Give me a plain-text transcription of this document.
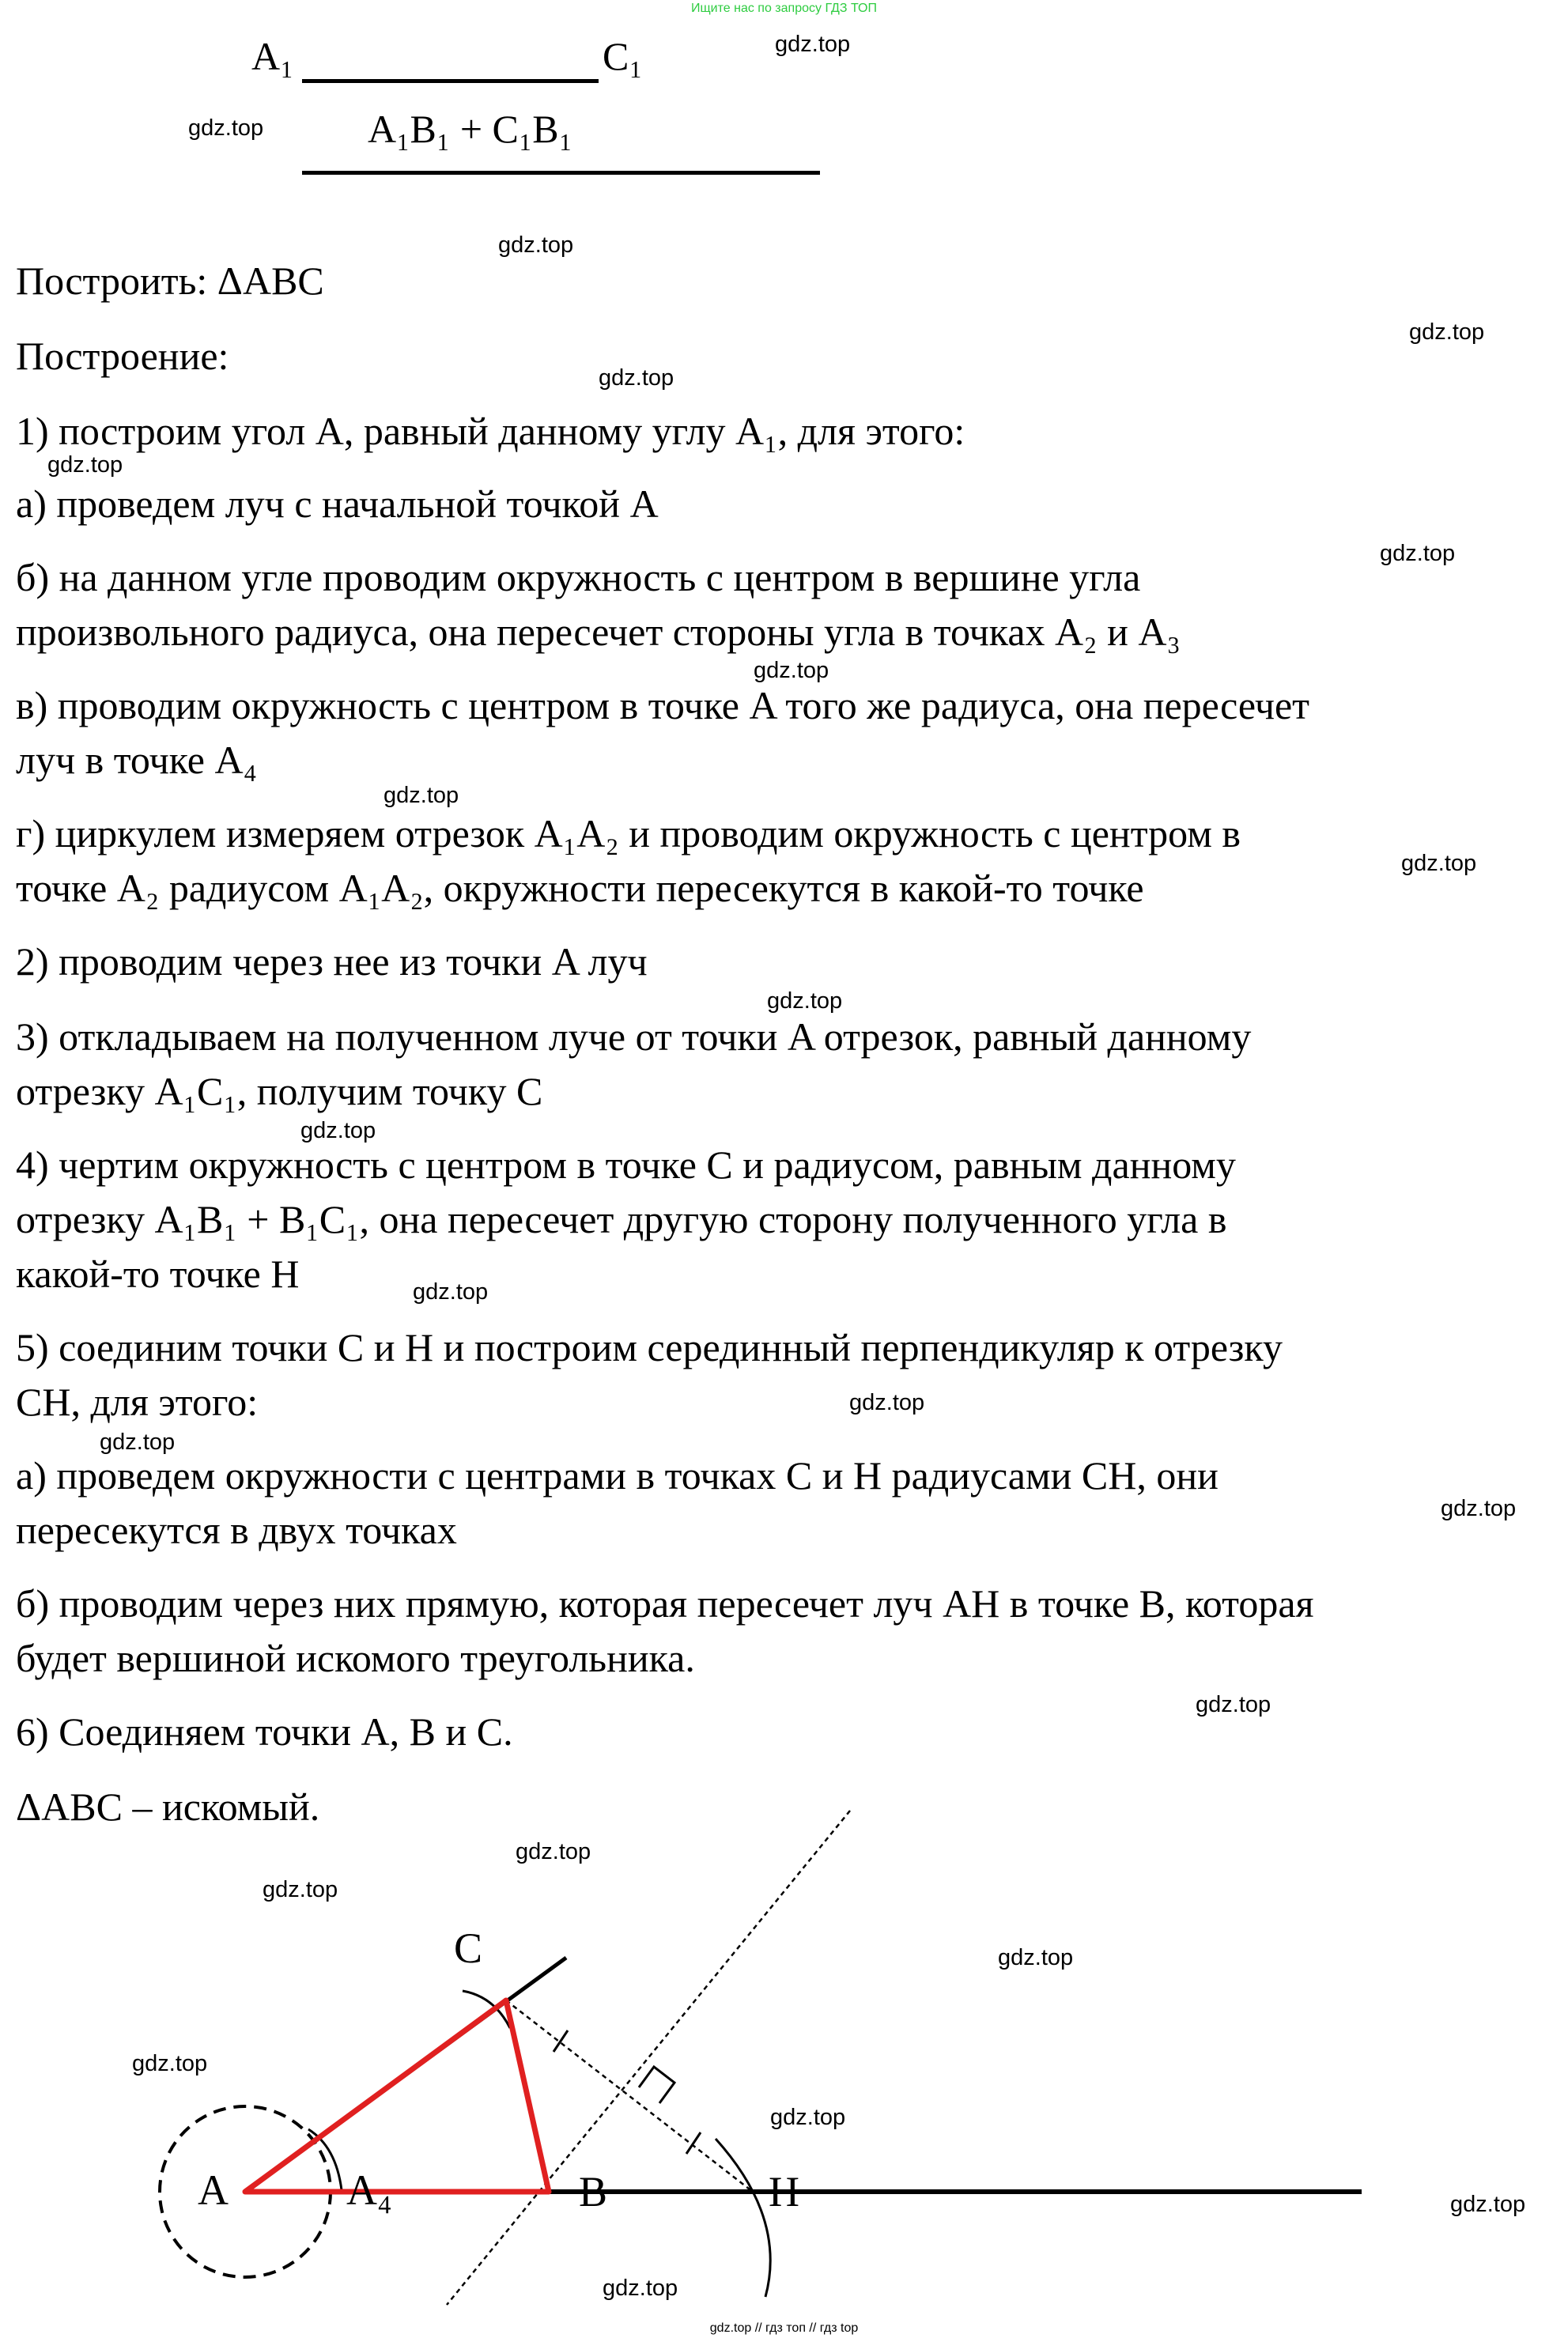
Ищите нас по запросу ГДЗ ТОП
A₁	C₁
A₁B₁ + C₁B₁
Построить: ΔABC
Построение:
1) построим угол A, равный данному углу A₁, для этого:
а) проведем луч с начальной точкой A
б) на данном угле проводим окружность с центром в вершине угла
произвольного радиуса, она пересечет стороны угла в точках A₂ и A₃
в) проводим окружность с центром в точке A того же радиуса, она пересечет
луч в точке A₄
г) циркулем измеряем отрезок A₁A₂ и проводим окружность с центром в
точке A₂ радиусом A₁A₂, окружности пересекутся в какой-то точке
2) проводим через нее из точки A луч
3) откладываем на полученном луче от точки A отрезок, равный данному
отрезку A₁C₁, получим точку C
4) чертим окружность с центром в точке C и радиусом, равным данному
отрезку A₁B₁ + B₁C₁, она пересечет другую сторону полученного угла в
какой-то точке H
5) соединим точки C и H и построим серединный перпендикуляр к отрезку
CH, для этого:
а) проведем окружности с центрами в точках C и H радиусами CH, они
пересекутся в двух точках
б) проводим через них прямую, которая пересечет луч AH в точке B, которая
будет вершиной искомого треугольника.
6) Соединяем точки A, B и C.
ΔABC – искомый.
gdz.top
gdz.top
gdz.top
gdz.top
gdz.top
gdz.top
gdz.top
gdz.top
gdz.top
gdz.top
gdz.top
gdz.top
gdz.top
gdz.top
gdz.top
gdz.top
gdz.top
gdz.top
gdz.top
gdz.top
gdz.top
gdz.top
gdz.top
gdz.top
A	A₄	B
C
H
gdz.top // гдз топ // гдз top
